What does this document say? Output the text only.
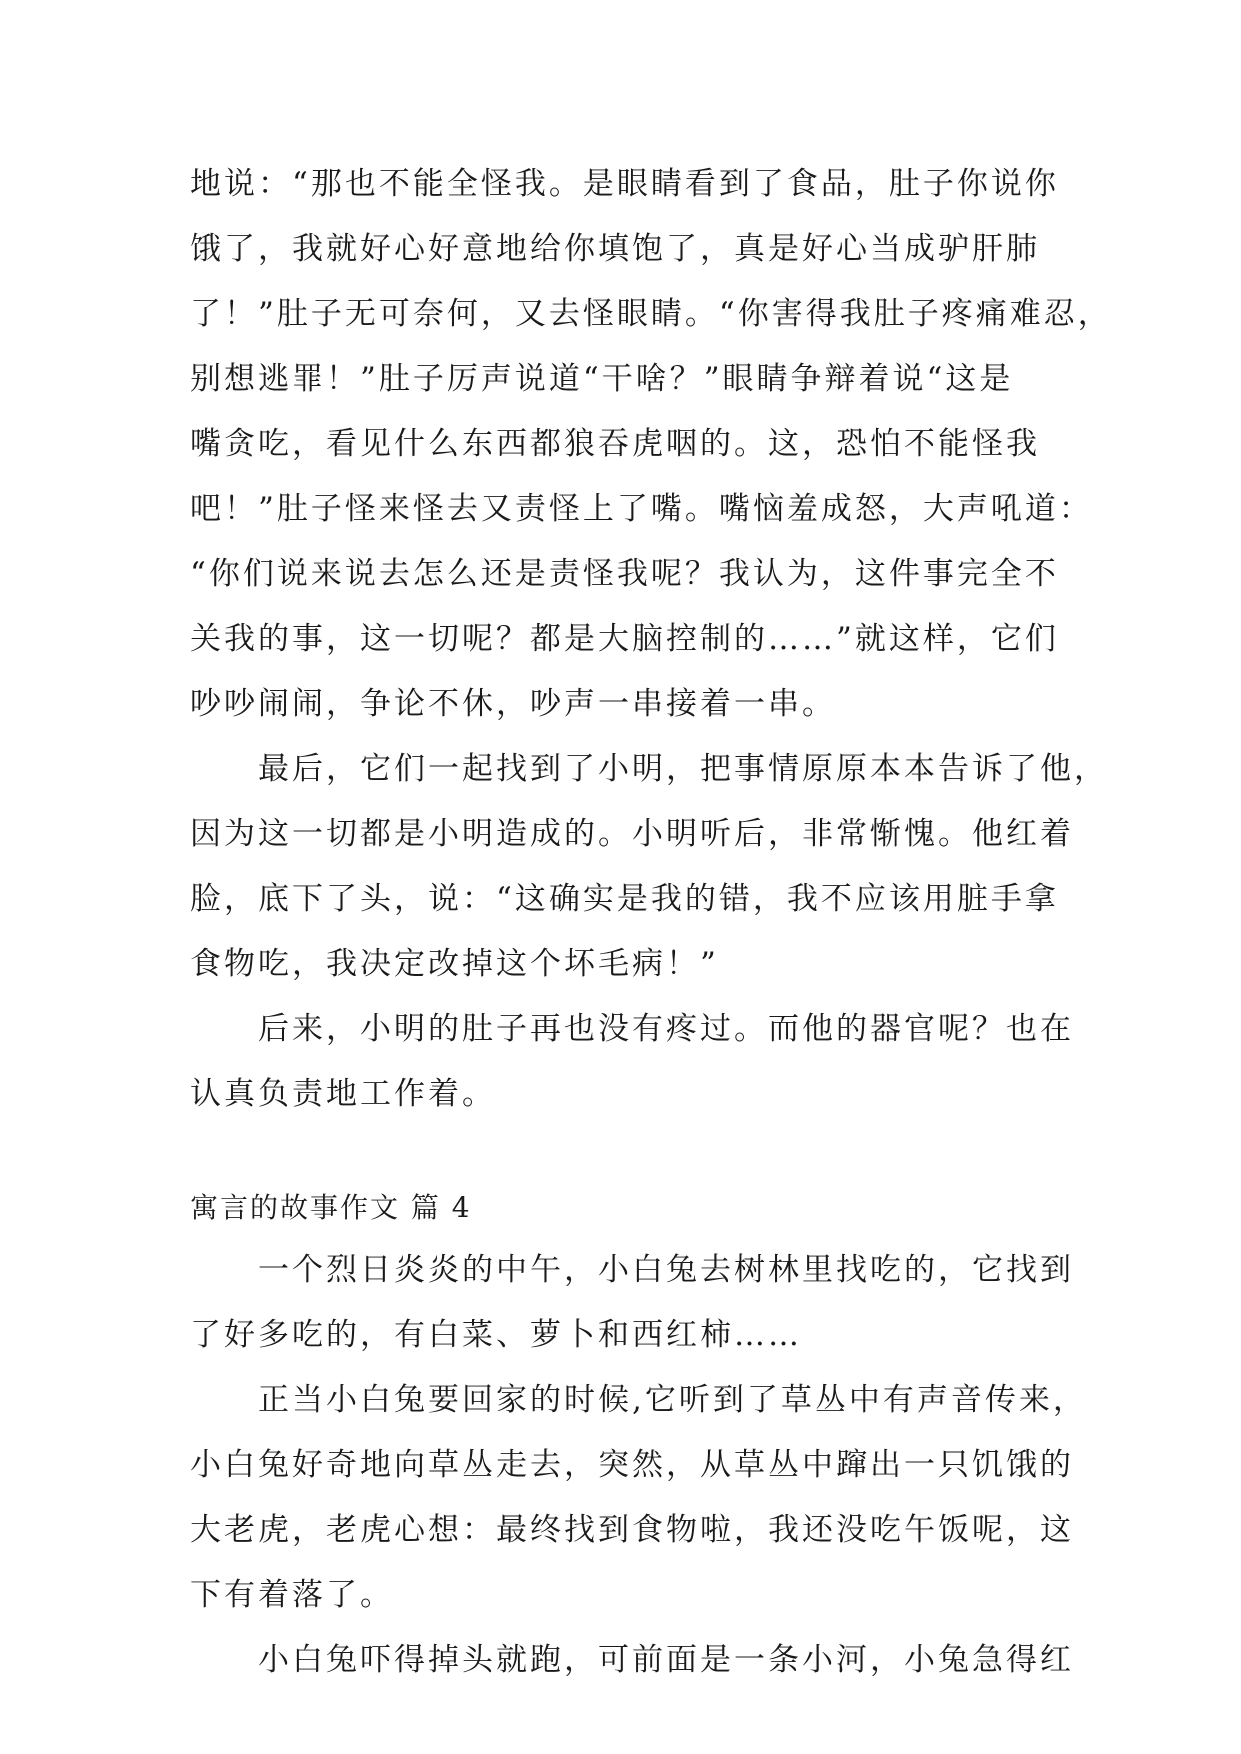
地说：“那也不能全怪我。是眼睛看到了食品，肚子你说你
饿了，我就好心好意地给你填饱了，真是好心当成驴肝肺
了！”肚子无可奈何，又去怪眼睛。“你害得我肚子疼痛难忍，
别想逃罪！”肚子厉声说道“干啥？”眼睛争辩着说“这是
嘴贪吃，看见什么东西都狼吞虎咽的。这，恐怕不能怪我
吧！”肚子怪来怪去又责怪上了嘴。嘴恼羞成怒，大声吼道：
“你们说来说去怎么还是责怪我呢？我认为，这件事完全不
关我的事，这一切呢？都是大脑控制的……”就这样，它们
吵吵闹闹，争论不休，吵声一串接着一串。
最后，它们一起找到了小明，把事情原原本本告诉了他，
因为这一切都是小明造成的。小明听后，非常惭愧。他红着
脸，底下了头，说：“这确实是我的错，我不应该用脏手拿
食物吃，我决定改掉这个坏毛病！”
后来，小明的肚子再也没有疼过。而他的器官呢？也在
认真负责地工作着。
寓言的故事作文 篇 4
一个烈日炎炎的中午，小白兔去树林里找吃的，它找到
了好多吃的，有白菜、萝卜和西红柿……
正当小白兔要回家的时候,它听到了草丛中有声音传来，
小白兔好奇地向草丛走去，突然，从草丛中蹿出一只饥饿的
大老虎，老虎心想：最终找到食物啦，我还没吃午饭呢，这
下有着落了。
小白兔吓得掉头就跑，可前面是一条小河，小兔急得红
